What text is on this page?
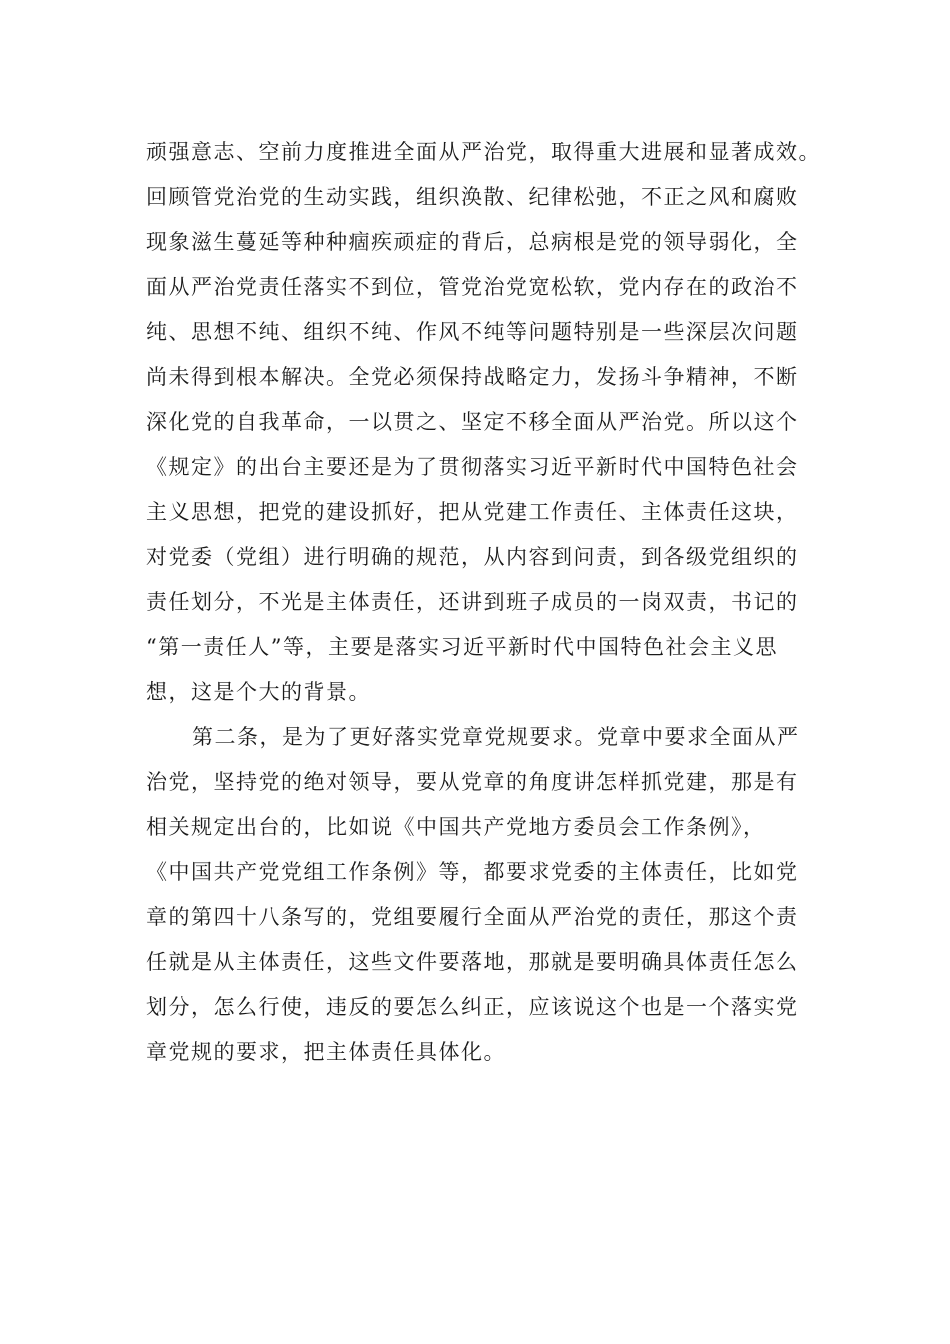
顽强意志、空前力度推进全面从严治党，取得重大进展和显著成效。
回顾管党治党的生动实践，组织涣散、纪律松弛，不正之风和腐败
现象滋生蔓延等种种痼疾顽症的背后，总病根是党的领导弱化，全
面从严治党责任落实不到位，管党治党宽松软，党内存在的政治不
纯、思想不纯、组织不纯、作风不纯等问题特别是一些深层次问题
尚未得到根本解决。全党必须保持战略定力，发扬斗争精神，不断
深化党的自我革命，一以贯之、坚定不移全面从严治党。所以这个
《规定》的出台主要还是为了贯彻落实习近平新时代中国特色社会
主义思想，把党的建设抓好，把从党建工作责任、主体责任这块，
对党委（党组）进行明确的规范，从内容到问责，到各级党组织的
责任划分，不光是主体责任，还讲到班子成员的一岗双责，书记的
“第一责任人”等，主要是落实习近平新时代中国特色社会主义思
想，这是个大的背景。
第二条，是为了更好落实党章党规要求。党章中要求全面从严
治党，坚持党的绝对领导，要从党章的角度讲怎样抓党建，那是有
相关规定出台的，比如说《中国共产党地方委员会工作条例》，
《中国共产党党组工作条例》等，都要求党委的主体责任，比如党
章的第四十八条写的，党组要履行全面从严治党的责任，那这个责
任就是从主体责任，这些文件要落地，那就是要明确具体责任怎么
划分，怎么行使，违反的要怎么纠正，应该说这个也是一个落实党
章党规的要求，把主体责任具体化。
